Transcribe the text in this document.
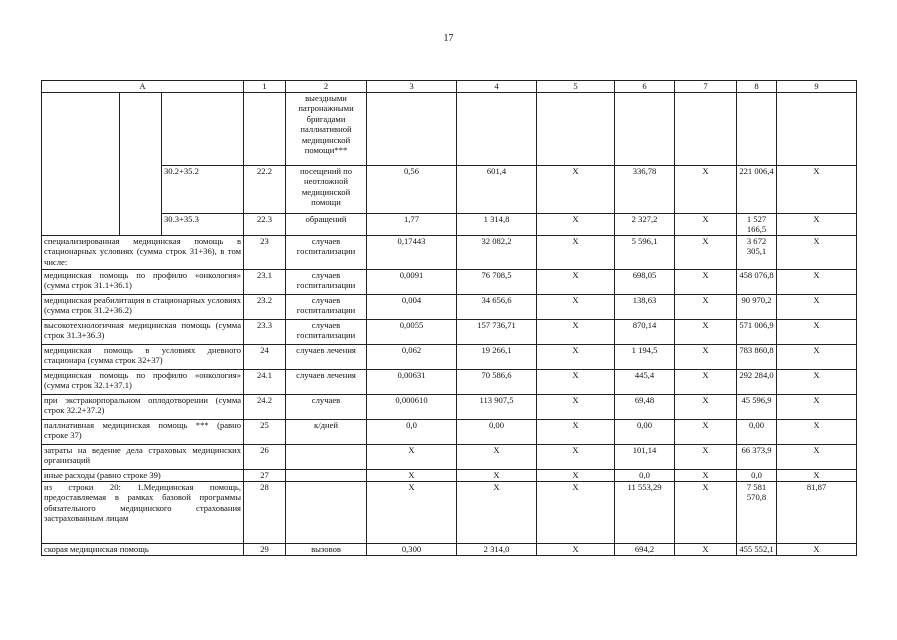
17
А			1	2	3	4	5	6	7	8	9
				выездными патронажными бригадами паллиативной медицинской помощи***							
		30.2+35.2	22.2	посещений по неотложной медицинской помощи	0,56	601,4	Х	336,78	Х	221 006,4	Х
		30.3+35.3	22.3	обращений	1,77	1 314,8	Х	2 327,2	Х	1 527 166,5	Х
специализированная медицинская помощь в стационарных условиях (сумма строк 31+36), в том числе:			23	случаев госпитализации	0,17443	32 082,2	Х	5 596,1	Х	3 672 305,1	Х
медицинская помощь по профилю «онкология» (сумма строк 31.1+36.1)			23.1	случаев госпитализации	0,0091	76 708,5	Х	698,05	Х	458 076,8	Х
медицинская реабилитация в стационарных условиях (сумма строк 31.2+36.2)			23.2	случаев госпитализации	0,004	34 656,6	Х	138,63	Х	90 970,2	Х
высокотехнологичная медицинская помощь (сумма строк 31.3+36.3)			23.3	случаев госпитализации	0,0055	157 736,71	Х	870,14	Х	571 006,9	Х
медицинская помощь в условиях дневного стационара (сумма строк 32+37)			24	случаев лечения	0,062	19 266,1	Х	1 194,5	Х	783 860,8	Х
медицинская помощь по профилю «онкология» (сумма строк 32.1+37.1)			24.1	случаев лечения	0,00631	70 586,6	Х	445,4	Х	292 284,0	Х
при экстракорпоральном оплодотворении (сумма строк 32.2+37.2)			24.2	случаев	0,000610	113 907,5	Х	69,48	Х	45 596,9	Х
паллиативная медицинская помощь *** (равно строке 37)			25	к/дней	0,0	0,00	Х	0,00	Х	0,00	Х
затраты на ведение дела страховых медицинских организаций			26		Х	Х	Х	101,14	Х	66 373,9	Х
иные расходы (равно строке 39)			27		Х	Х	Х	0,0	Х	0,0	Х
из строки 20: 1.Медицинская помощь, предоставляемая в рамках базовой программы обязательного медицинского страхования застрахованным лицам			28		Х	Х	Х	11 553,29	Х	7 581 570,8	81,87
скорая медицинская помощь			29	вызовов	0,300	2 314,0	Х	694,2	Х	455 552,1	Х
